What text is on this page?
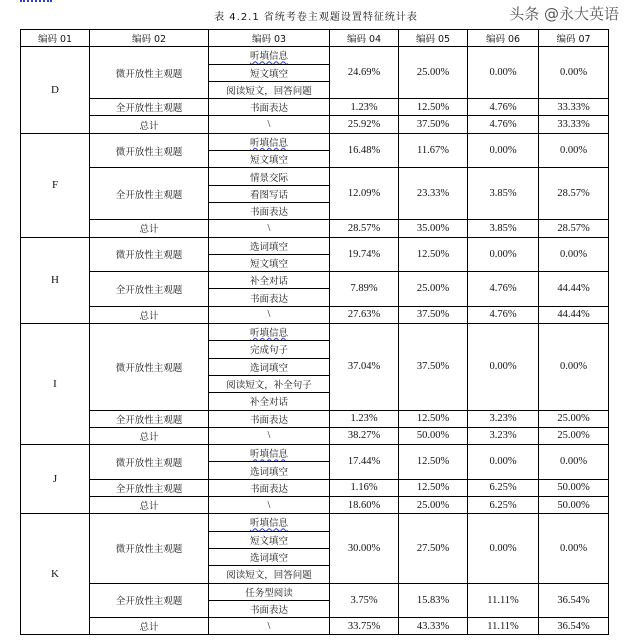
表 4.2.1 省统考卷主观题设置特征统计表
编码 01	编码 02	编码 03	编码 04	编码 05	编码 06	编码 07
D	微开放性主观题	听填信息	24.69%	25.00%	0.00%	0.00%
		短文填空				
		阅读短文，回答问题				
	全开放性主观题	书面表达	1.23%	12.50%	4.76%	33.33%
	总计	\	25.92%	37.50%	4.76%	33.33%
F	微开放性主观题	听填信息	16.48%	11.67%	0.00%	0.00%
		短文填空				
	全开放性主观题	情景交际	12.09%	23.33%	3.85%	28.57%
		看图写话				
		书面表达				
	总计	\	28.57%	35.00%	3.85%	28.57%
H	微开放性主观题	选词填空	19.74%	12.50%	0.00%	0.00%
		短文填空				
	全开放性主观题	补全对话	7.89%	25.00%	4.76%	44.44%
		书面表达				
	总计	\	27.63%	37.50%	4.76%	44.44%
I	微开放性主观题	听填信息	37.04%	37.50%	0.00%	0.00%
		完成句子				
		选词填空				
		阅读短文，补全句子				
		补全对话				
	全开放性主观题	书面表达	1.23%	12.50%	3.23%	25.00%
	总计	\	38.27%	50.00%	3.23%	25.00%
J	微开放性主观题	听填信息	17.44%	12.50%	0.00%	0.00%
		选词填空				
	全开放性主观题	书面表达	1.16%	12.50%	6.25%	50.00%
	总计	\	18.60%	25.00%	6.25%	50.00%
K	微开放性主观题	听填信息	30.00%	27.50%	0.00%	0.00%
		短文填空				
		选词填空				
		阅读短文，回答问题				
	全开放性主观题	任务型阅读	3.75%	15.83%	11.11%	36.54%
		书面表达				
	总计	\	33.75%	43.33%	11.11%	36.54%
头条 @永大英语
